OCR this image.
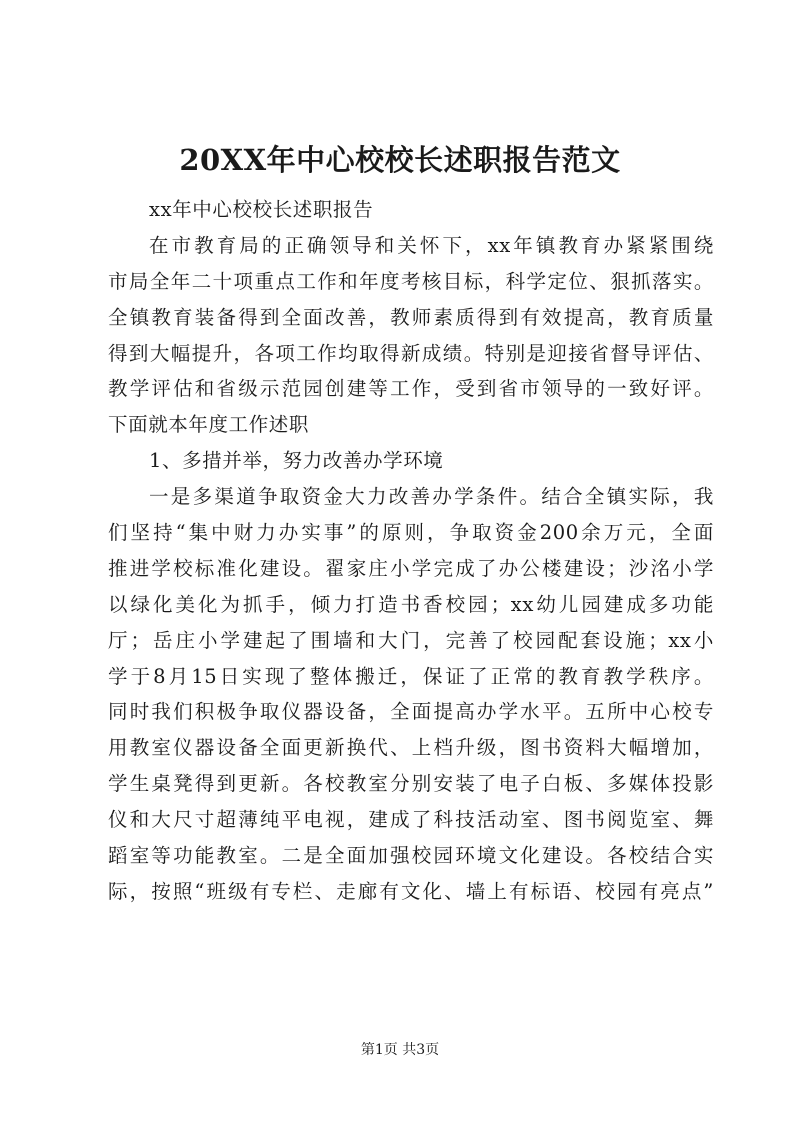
20XX年中心校校长述职报告范文
xx年中心校校长述职报告
在市教育局的正确领导和关怀下，xx年镇教育办紧紧围绕
市局全年二十项重点工作和年度考核目标，科学定位、狠抓落实。
全镇教育装备得到全面改善，教师素质得到有效提高，教育质量
得到大幅提升，各项工作均取得新成绩。特别是迎接省督导评估、
教学评估和省级示范园创建等工作，受到省市领导的一致好评。
下面就本年度工作述职
1、多措并举，努力改善办学环境
一是多渠道争取资金大力改善办学条件。结合全镇实际，我
们坚持“集中财力办实事”的原则，争取资金200余万元，全面
推进学校标准化建设。翟家庄小学完成了办公楼建设；沙洺小学
以绿化美化为抓手，倾力打造书香校园；xx幼儿园建成多功能
厅；岳庄小学建起了围墙和大门，完善了校园配套设施；xx小
学于8月15日实现了整体搬迁，保证了正常的教育教学秩序。
同时我们积极争取仪器设备，全面提高办学水平。五所中心校专
用教室仪器设备全面更新换代、上档升级，图书资料大幅增加，
学生桌凳得到更新。各校教室分别安装了电子白板、多媒体投影
仪和大尺寸超薄纯平电视，建成了科技活动室、图书阅览室、舞
蹈室等功能教室。二是全面加强校园环境文化建设。各校结合实
际，按照“班级有专栏、走廊有文化、墙上有标语、校园有亮点”
第1页 共3页
